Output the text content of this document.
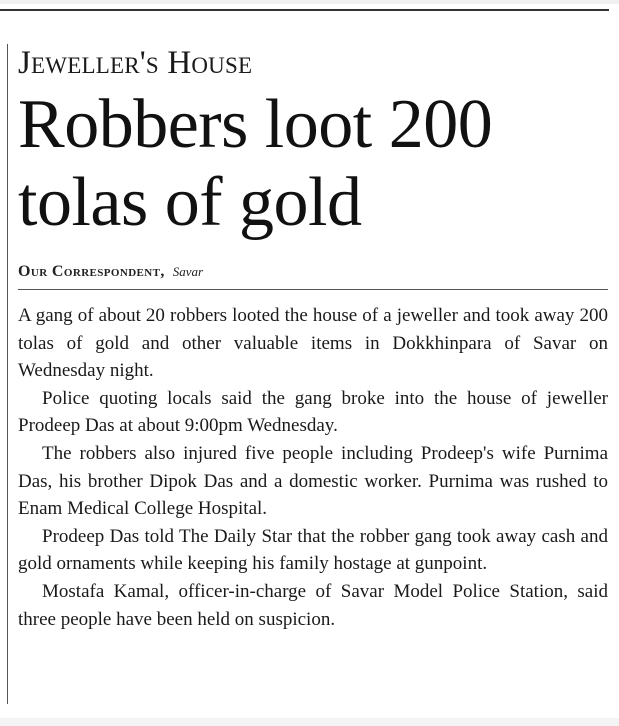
Jeweller's House
Robbers loot 200 tolas of gold
Our Correspondent, Savar

A gang of about 20 robbers looted the house of a jeweller and took away 200 tolas of gold and other valuable items in Dokkhinpara of Savar on Wednesday night.

Police quoting locals said the gang broke into the house of jeweller Prodeep Das at about 9:00pm Wednesday.

The robbers also injured five people including Prodeep's wife Purnima Das, his brother Dipok Das and a domestic worker. Purnima was rushed to Enam Medical College Hospital.

Prodeep Das told The Daily Star that the robber gang took away cash and gold ornaments while keeping his family hostage at gunpoint.

Mostafa Kamal, officer-in-charge of Savar Model Police Station, said three people have been held on suspicion.
